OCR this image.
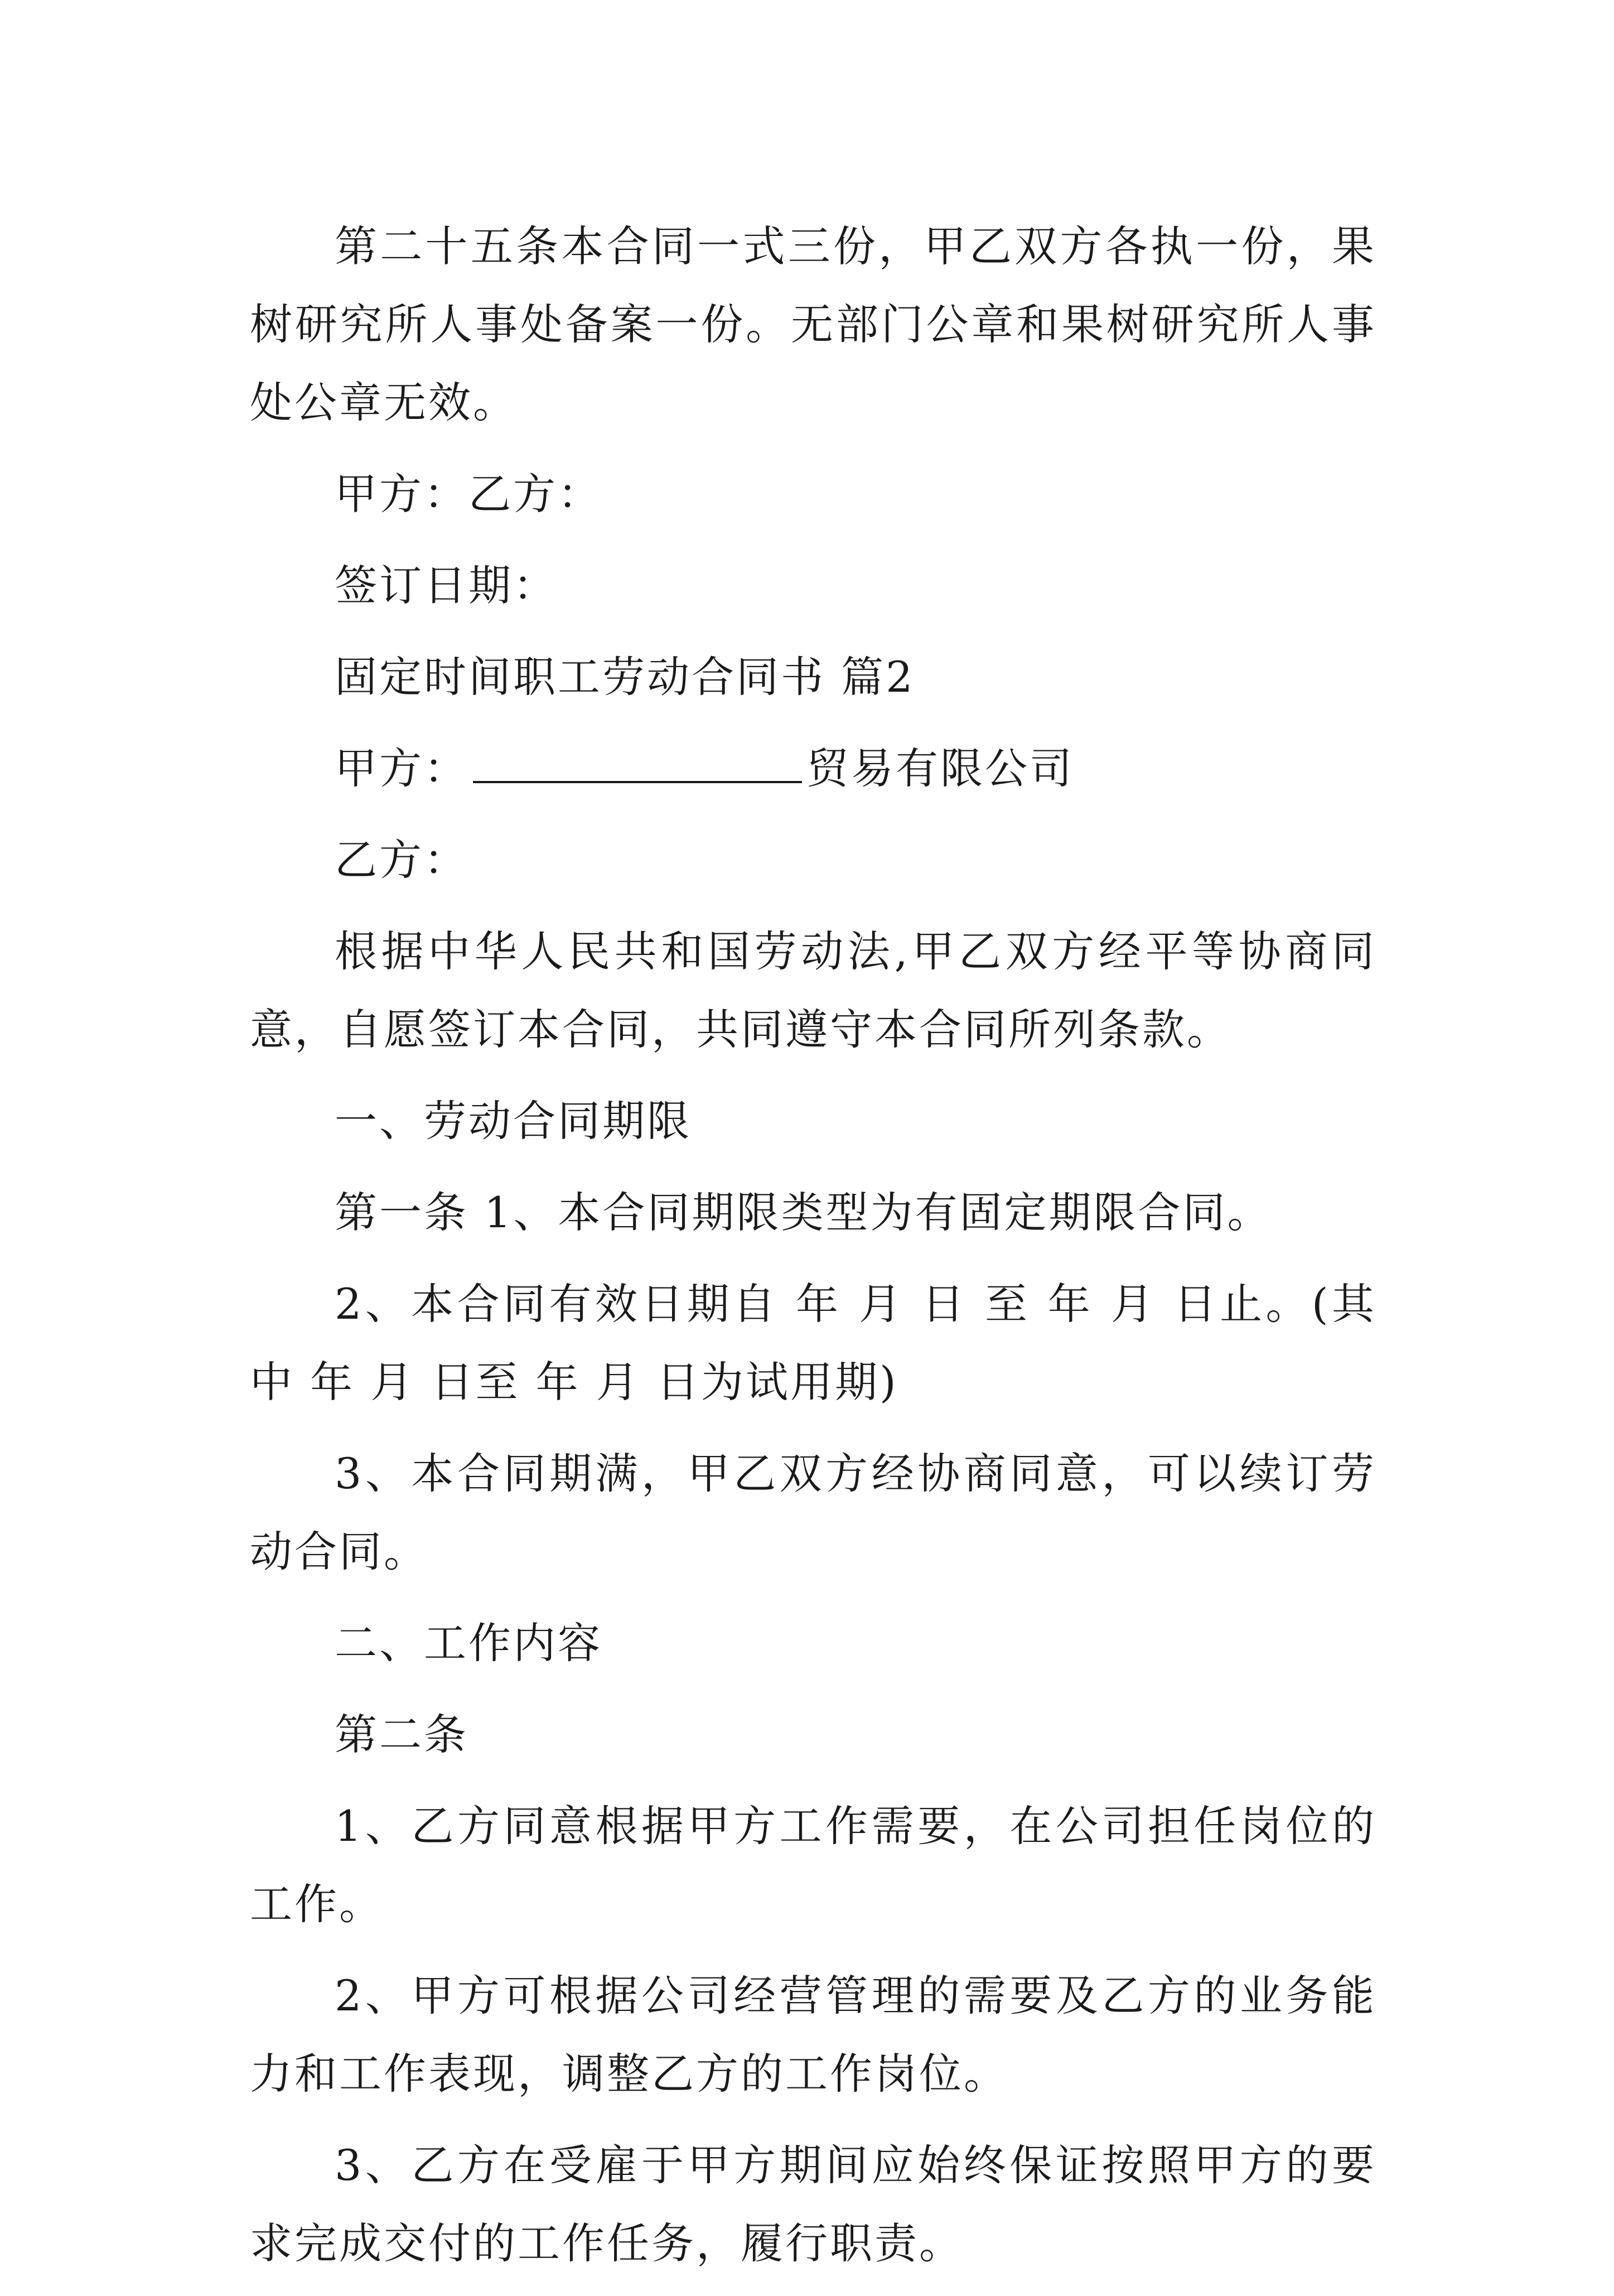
第二十五条本合同一式三份，甲乙双方各执一份，果树研究所人事处备案一份。无部门公章和果树研究所人事处公章无效。

甲方：乙方：

签订日期：

固定时间职工劳动合同书 篇2

甲方：	贸易有限公司

乙方：

根据中华人民共和国劳动法,甲乙双方经平等协商同意，自愿签订本合同，共同遵守本合同所列条款。

一、劳动合同期限

第一条 1、本合同期限类型为有固定期限合同。

2、本合同有效日期自 年 月 日 至 年 月 日止。(其中 年 月 日至 年 月 日为试用期)

3、本合同期满，甲乙双方经协商同意，可以续订劳动合同。

二、工作内容

第二条

1、乙方同意根据甲方工作需要，在公司担任岗位的工作。

2、甲方可根据公司经营管理的需要及乙方的业务能力和工作表现，调整乙方的工作岗位。

3、乙方在受雇于甲方期间应始终保证按照甲方的要求完成交付的工作任务，履行职责。
